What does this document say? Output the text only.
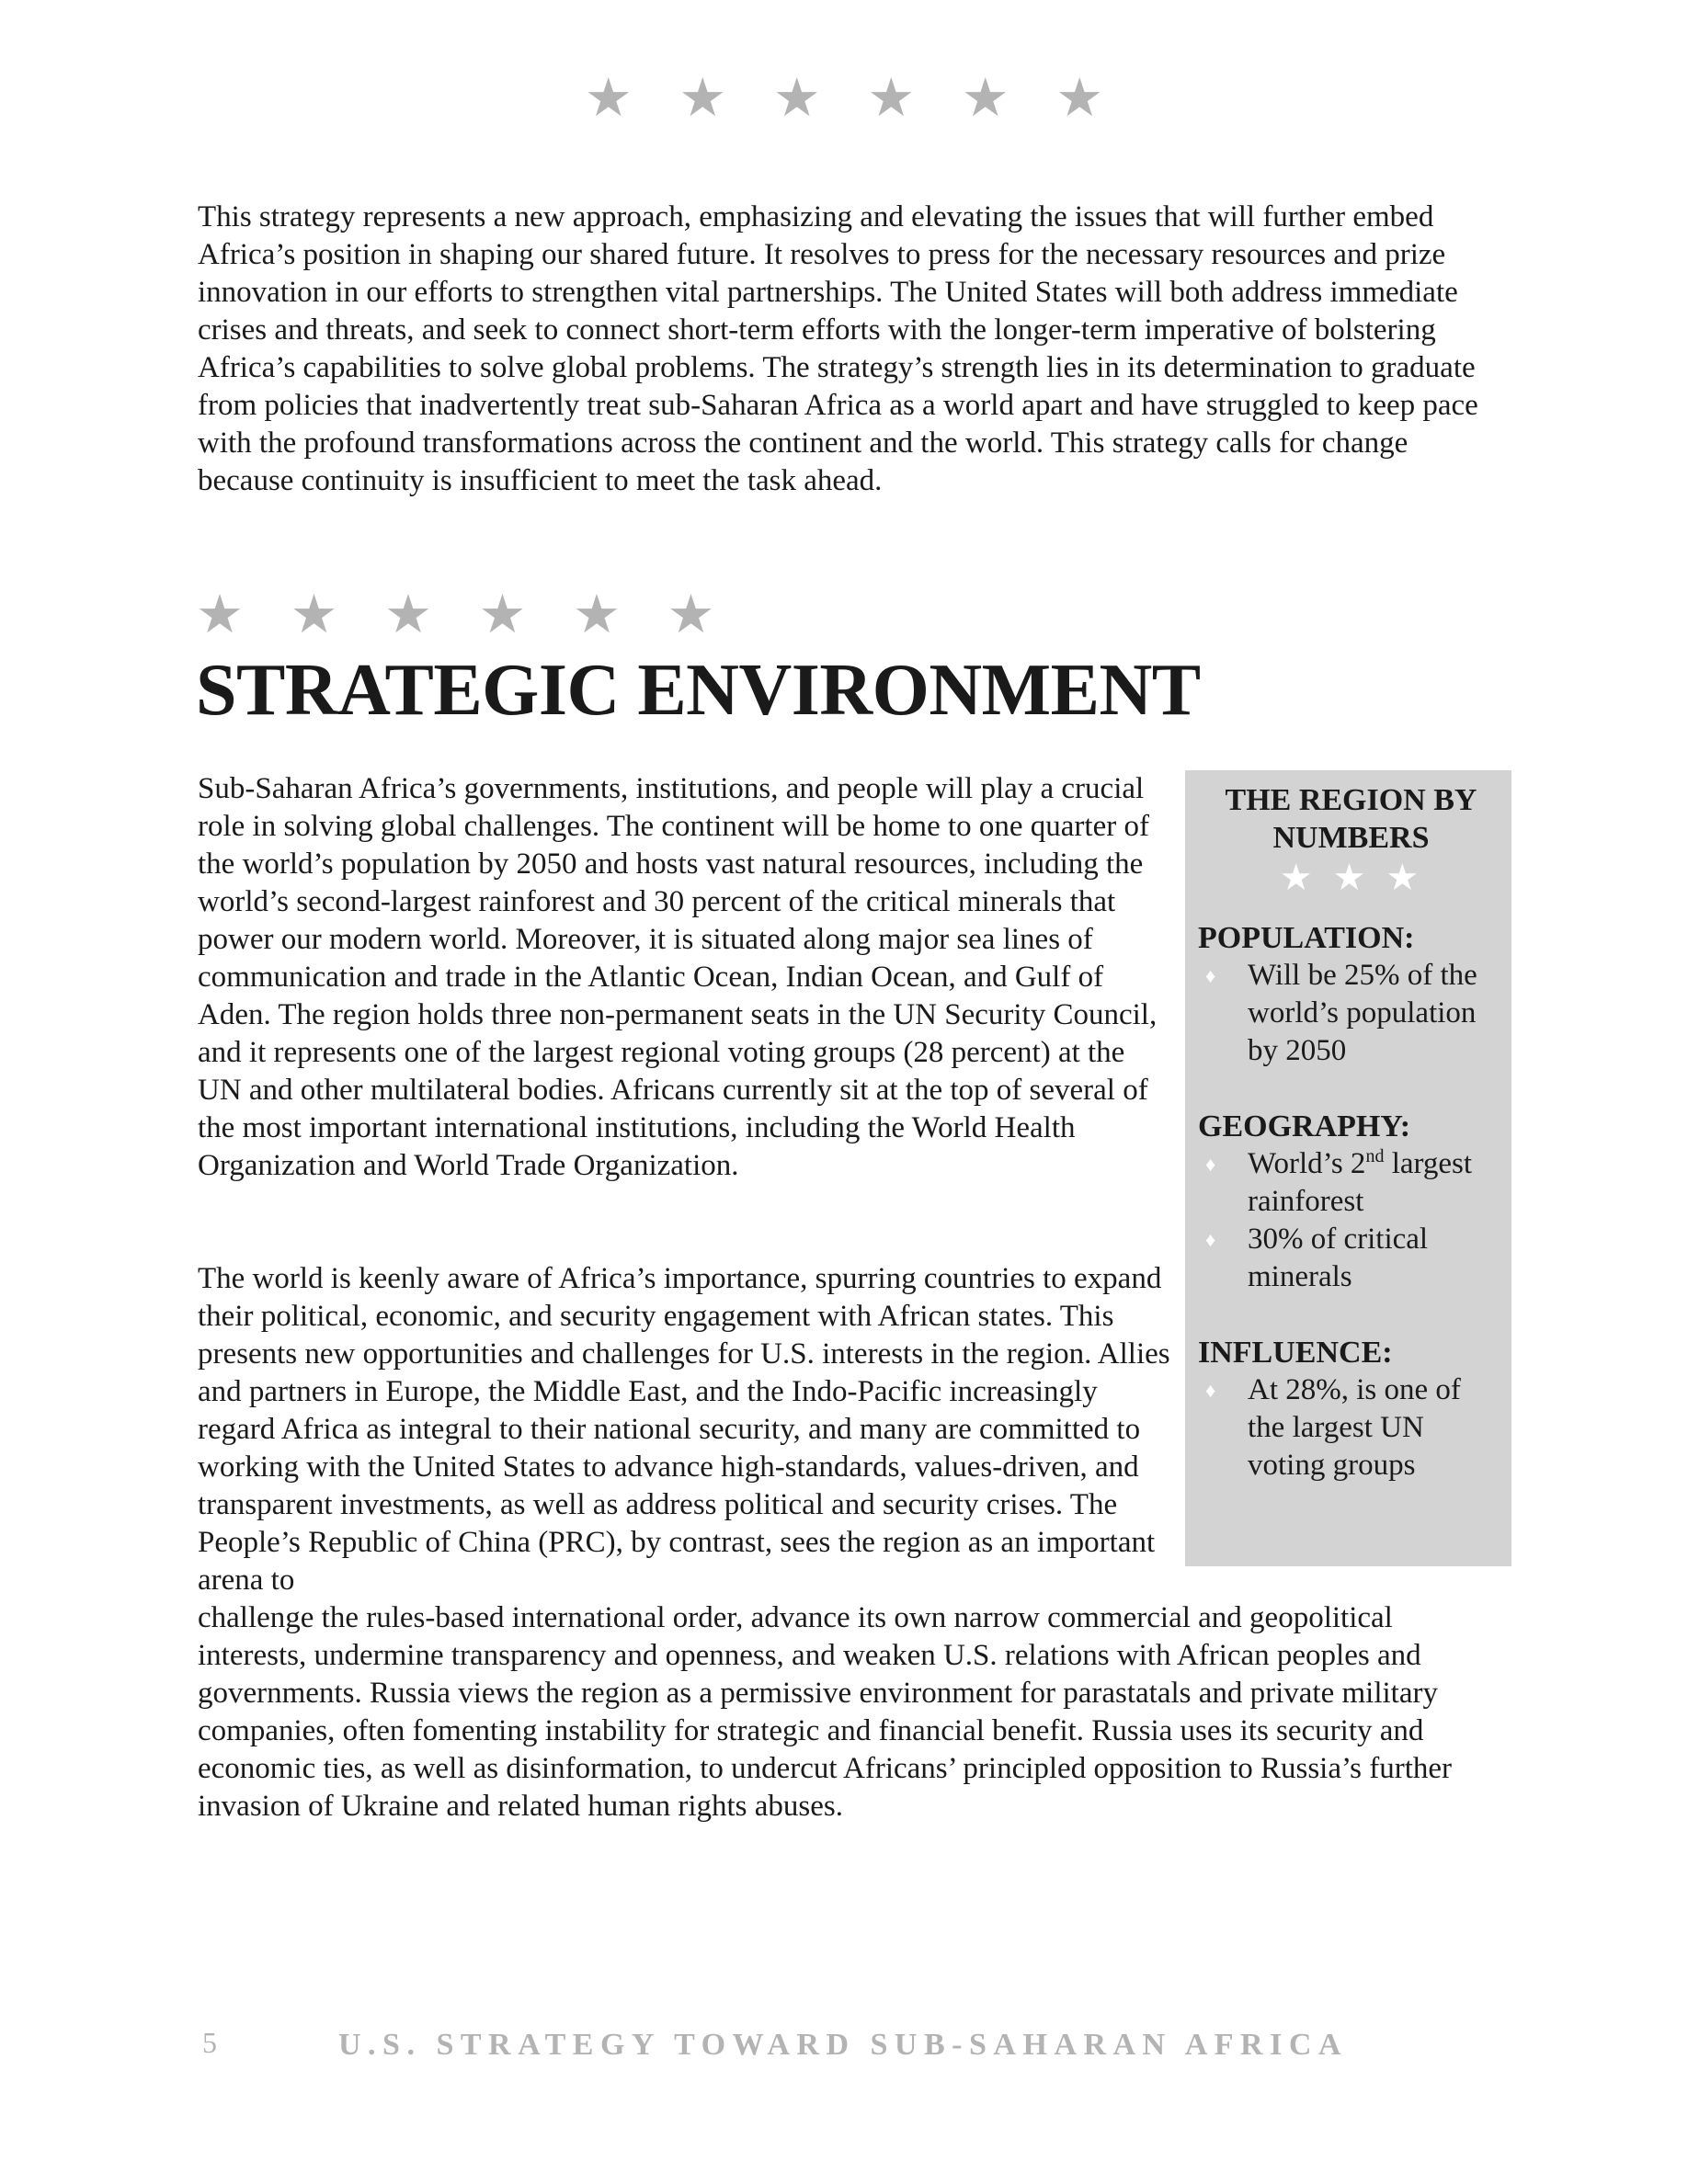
★ ★ ★ ★ ★ ★

This strategy represents a new approach, emphasizing and elevating the issues that will further embed Africa’s position in shaping our shared future. It resolves to press for the necessary resources and prize innovation in our efforts to strengthen vital partnerships. The United States will both address immediate crises and threats, and seek to connect short-term efforts with the longer-term imperative of bolstering Africa’s capabilities to solve global problems. The strategy’s strength lies in its determination to graduate from policies that inadvertently treat sub-Saharan Africa as a world apart and have struggled to keep pace with the profound transformations across the continent and the world. This strategy calls for change because continuity is insufficient to meet the task ahead.

★ ★ ★ ★ ★ ★
STRATEGIC ENVIRONMENT

Sub-Saharan Africa’s governments, institutions, and people will play a crucial role in solving global challenges. The continent will be home to one quarter of the world’s population by 2050 and hosts vast natural resources, including the world’s second-largest rainforest and 30 percent of the critical minerals that power our modern world. Moreover, it is situated along major sea lines of communication and trade in the Atlantic Ocean, Indian Ocean, and Gulf of Aden. The region holds three non-permanent seats in the UN Security Council, and it represents one of the largest regional voting groups (28 percent) at the UN and other multilateral bodies. Africans currently sit at the top of several of the most important international institutions, including the World Health Organization and World Trade Organization.

The world is keenly aware of Africa’s importance, spurring countries to expand their political, economic, and security engagement with African states. This presents new opportunities and challenges for U.S. interests in the region. Allies and partners in Europe, the Middle East, and the Indo-Pacific increasingly regard Africa as integral to their national security, and many are committed to working with the United States to advance high-standards, values-driven, and transparent investments, as well as address political and security crises. The People’s Republic of China (PRC), by contrast, sees the region as an important arena to

challenge the rules-based international order, advance its own narrow commercial and geopolitical interests, undermine transparency and openness, and weaken U.S. relations with African peoples and governments. Russia views the region as a permissive environment for parastatals and private military companies, often fomenting instability for strategic and financial benefit. Russia uses its security and economic ties, as well as disinformation, to undercut Africans’ principled opposition to Russia’s further invasion of Ukraine and related human rights abuses.

THE REGION BY NUMBERS

★ ★ ★

POPULATION:

♦ Will be 25% of the world’s population by 2050

GEOGRAPHY:

♦ World’s 2nd largest rainforest
♦ 30% of critical minerals

INFLUENCE:

♦ At 28%, is one of the largest UN voting groups
5	U.S. STRATEGY TOWARD SUB-SAHARAN AFRICA
